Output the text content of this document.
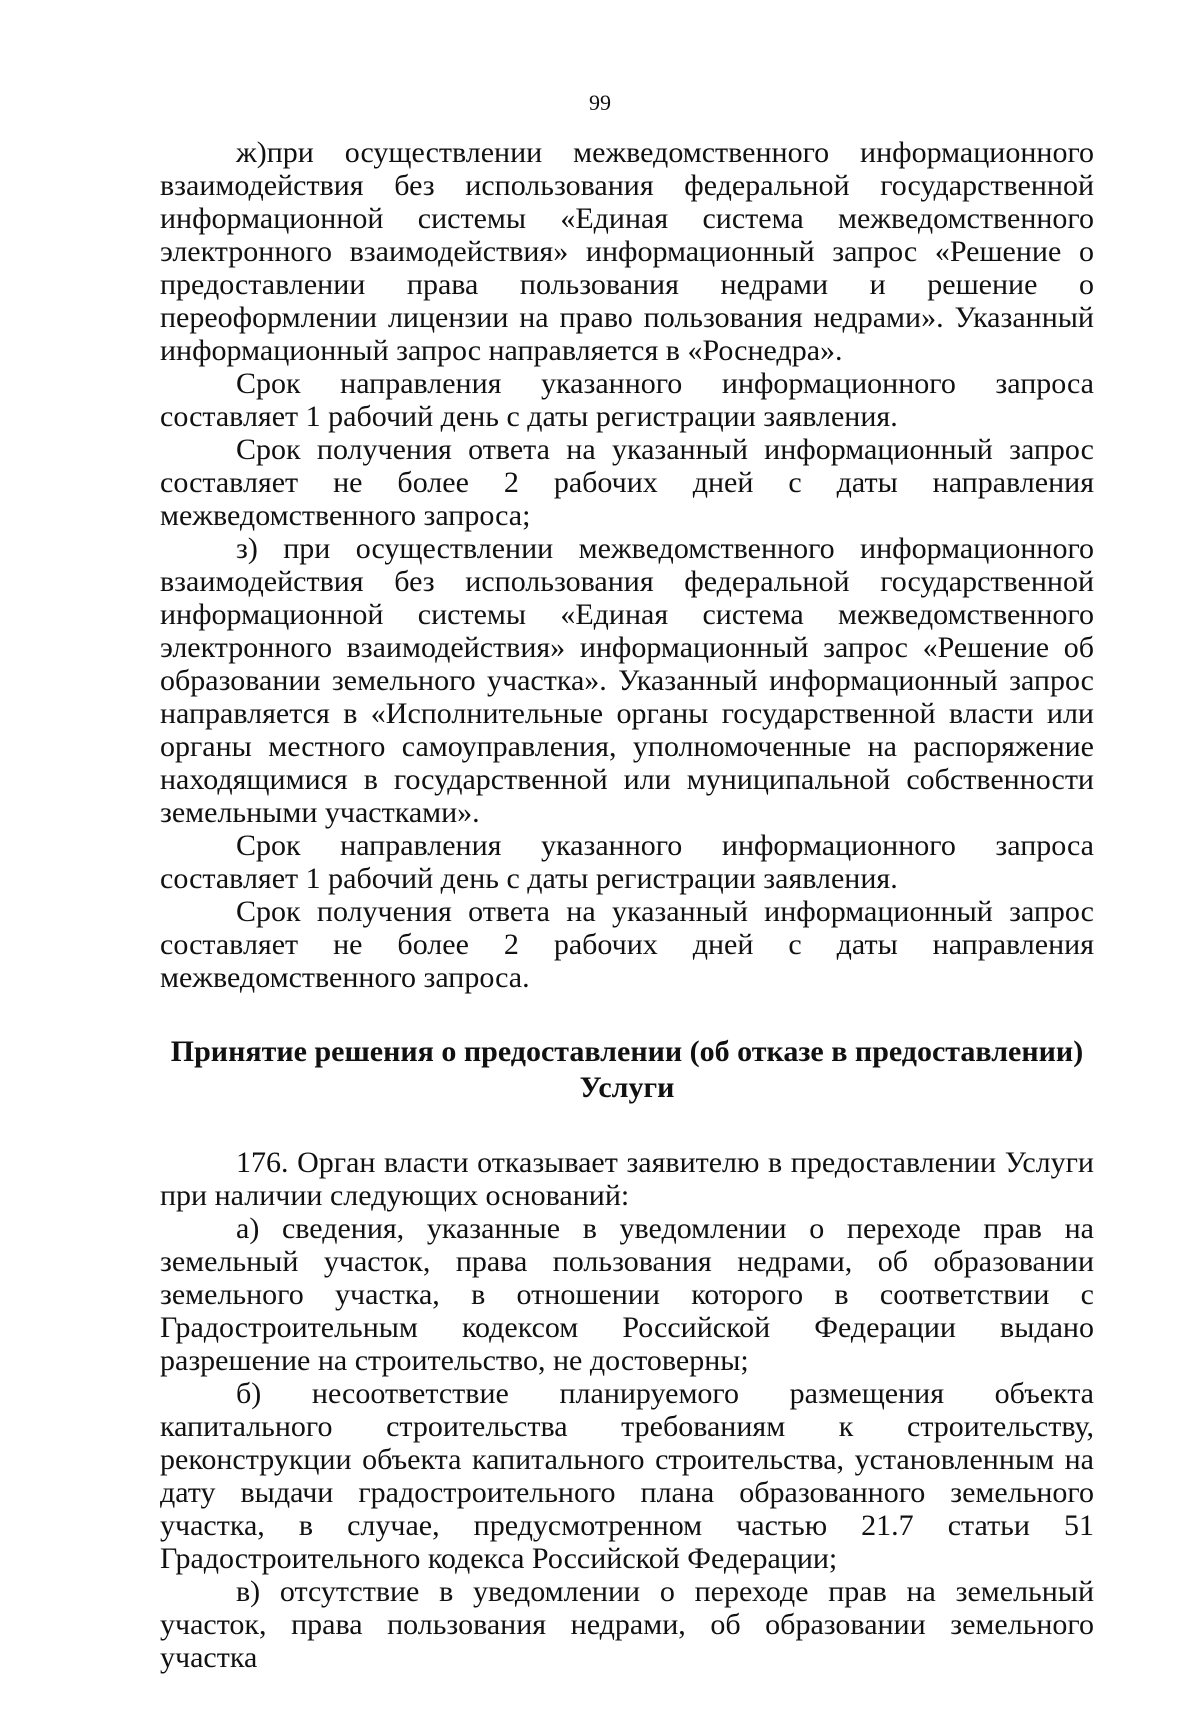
99

ж)при осуществлении межведомственного информационного взаимодействия без использования федеральной государственной информационной системы «Единая система межведомственного электронного взаимодействия» информационный запрос «Решение о предоставлении права пользования недрами и решение о переоформлении лицензии на право пользования недрами». Указанный информационный запрос направляется в «Роснедра».

Срок направления указанного информационного запроса составляет 1 рабочий день с даты регистрации заявления.

Срок получения ответа на указанный информационный запрос составляет не более 2 рабочих дней с даты направления межведомственного запроса;

з) при осуществлении межведомственного информационного взаимодействия без использования федеральной государственной информационной системы «Единая система межведомственного электронного взаимодействия» информационный запрос «Решение об образовании земельного участка». Указанный информационный запрос направляется в «Исполнительные органы государственной власти или органы местного самоуправления, уполномоченные на распоряжение находящимися в государственной или муниципальной собственности земельными участками».

Срок направления указанного информационного запроса составляет 1 рабочий день с даты регистрации заявления.

Срок получения ответа на указанный информационный запрос составляет не более 2 рабочих дней с даты направления межведомственного запроса.

Принятие решения о предоставлении (об отказе в предоставлении)
Услуги

176. Орган власти отказывает заявителю в предоставлении Услуги при наличии следующих оснований:

а) сведения, указанные в уведомлении о переходе прав на земельный участок, права пользования недрами, об образовании земельного участка, в отношении которого в соответствии с Градостроительным кодексом Российской Федерации выдано разрешение на строительство, не достоверны;

б) несоответствие планируемого размещения объекта капитального строительства требованиям к строительству, реконструкции объекта капитального строительства, установленным на дату выдачи градостроительного плана образованного земельного участка, в случае, предусмотренном частью 21.7 статьи 51 Градостроительного кодекса Российской Федерации;

в) отсутствие в уведомлении о переходе прав на земельный участок, права пользования недрами, об образовании земельного участка
